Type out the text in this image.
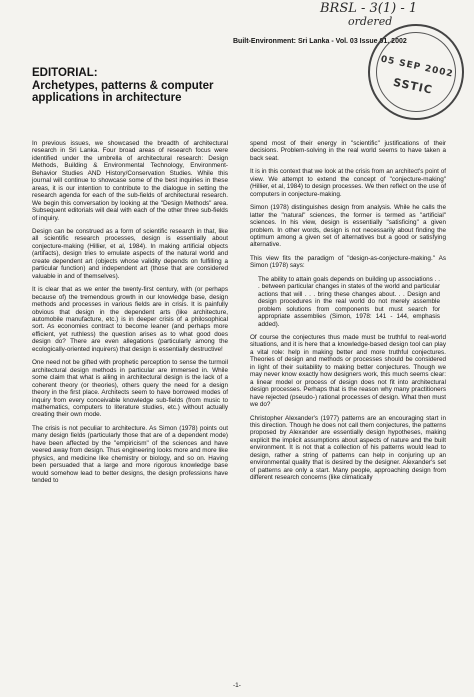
BRSL - 3(1) - 1
ordered
Built-Environment: Sri Lanka - Vol. 03 Issue 01, 2002
05 SEP 2002
SSTIC
EDITORIAL:
Archetypes, patterns & computer applications in architecture

In previous issues, we showcased the breadth of architectural research in Sri Lanka. Four broad areas of research focus were identified under the umbrella of architectural research: Design Methods, Building & Environmental Technology, Environment-Behavior Studies AND History/Conservation Studies. While this journal will continue to showcase some of the best inquiries in these areas, it is our intention to contribute to the dialogue in setting the research agenda for each of the sub-fields of architectural research. We begin this conversation by looking at the "Design Methods" area. Subsequent editorials will deal with each of the other three sub-fields of inquiry.

Design can be construed as a form of scientific research in that, like all scientific research processes, design is essentially about conjecture-making (Hillier, et al, 1984). In making artificial objects (artifacts), design tries to emulate aspects of the natural world and create dependent art (objects whose validity depends on fulfilling a particular function) and independent art (those that are considered valuable in and of themselves).

It is clear that as we enter the twenty-first century, with (or perhaps because of) the tremendous growth in our knowledge base, design methods and processes in various fields are in crisis. It is painfully obvious that design in the dependent arts (like architecture, automobile manufacture, etc.) is in deeper crisis of a philosophical sort. As economies contract to become leaner (and perhaps more efficient, yet ruthless) the question arises as to what good does design do? There are even allegations (particularly among the ecologically-oriented inquirers) that design is essentially destructive!

One need not be gifted with prophetic perception to sense the turmoil architectural design methods in particular are immersed in. While some claim that what is ailing in architectural design is the lack of a coherent theory (or theories), others query the need for a design theory in the first place. Architects seem to have borrowed modes of inquiry from every conceivable knowledge sub-fields (from music to mathematics, computers to literature studies, etc.) without actually creating their own mode.

The crisis is not peculiar to architecture. As Simon (1978) points out many design fields (particularly those that are of a dependent mode) have been affected by the "empiricism" of the sciences and have veered away from design. Thus engineering looks more and more like physics, and medicine like chemistry or biology, and so on. Having been persuaded that a large and more rigorous knowledge base would somehow lead to better designs, the design professions have tended to

spend most of their energy in "scientific" justifications of their decisions. Problem-solving in the real world seems to have taken a back seat.

It is in this context that we look at the crisis from an architect's point of view. We attempt to extend the concept of "conjecture-making" (Hillier, et al, 1984) to design processes. We then reflect on the use of computers in conjecture-making.

Simon (1978) distinguishes design from analysis. While he calls the latter the "natural" sciences, the former is termed as "artificial" sciences. In his view, design is essentially "satisficing" a given problem. In other words, design is not necessarily about finding the optimum among a given set of alternatives but a good or satisfying alternative.

This view fits the paradigm of "design-as-conjecture-making." As Simon (1978) says:

The ability to attain goals depends on building up associations . . . between particular changes in states of the world and particular actions that will . . . bring these changes about. . . Design and design procedures in the real world do not merely assemble problem solutions from components but must search for appropriate assemblies (Simon, 1978: 141 - 144, emphasis added).

Of course the conjectures thus made must be truthful to real-world situations, and it is here that a knowledge-based design tool can play a vital role: help in making better and more truthful conjectures. Theories of design and methods or processes should be considered in light of their suitability to making better conjectures. Though we may never know exactly how designers work, this much seems clear: a linear model or process of design does not fit into architectural design processes. Perhaps that is the reason why many practitioners have rejected (pseudo-) rational processes of design. What then must we do?

Christopher Alexander's (1977) patterns are an encouraging start in this direction. Though he does not call them conjectures, the patterns proposed by Alexander are essentially design hypotheses, making explicit the implicit assumptions about aspects of nature and the built environment. It is not that a collection of his patterns would lead to design, rather a string of patterns can help in conjuring up an environmental quality that is desired by the designer. Alexander's set of patterns are only a start. Many people, approaching design from different research concerns (like climatically

-1-
